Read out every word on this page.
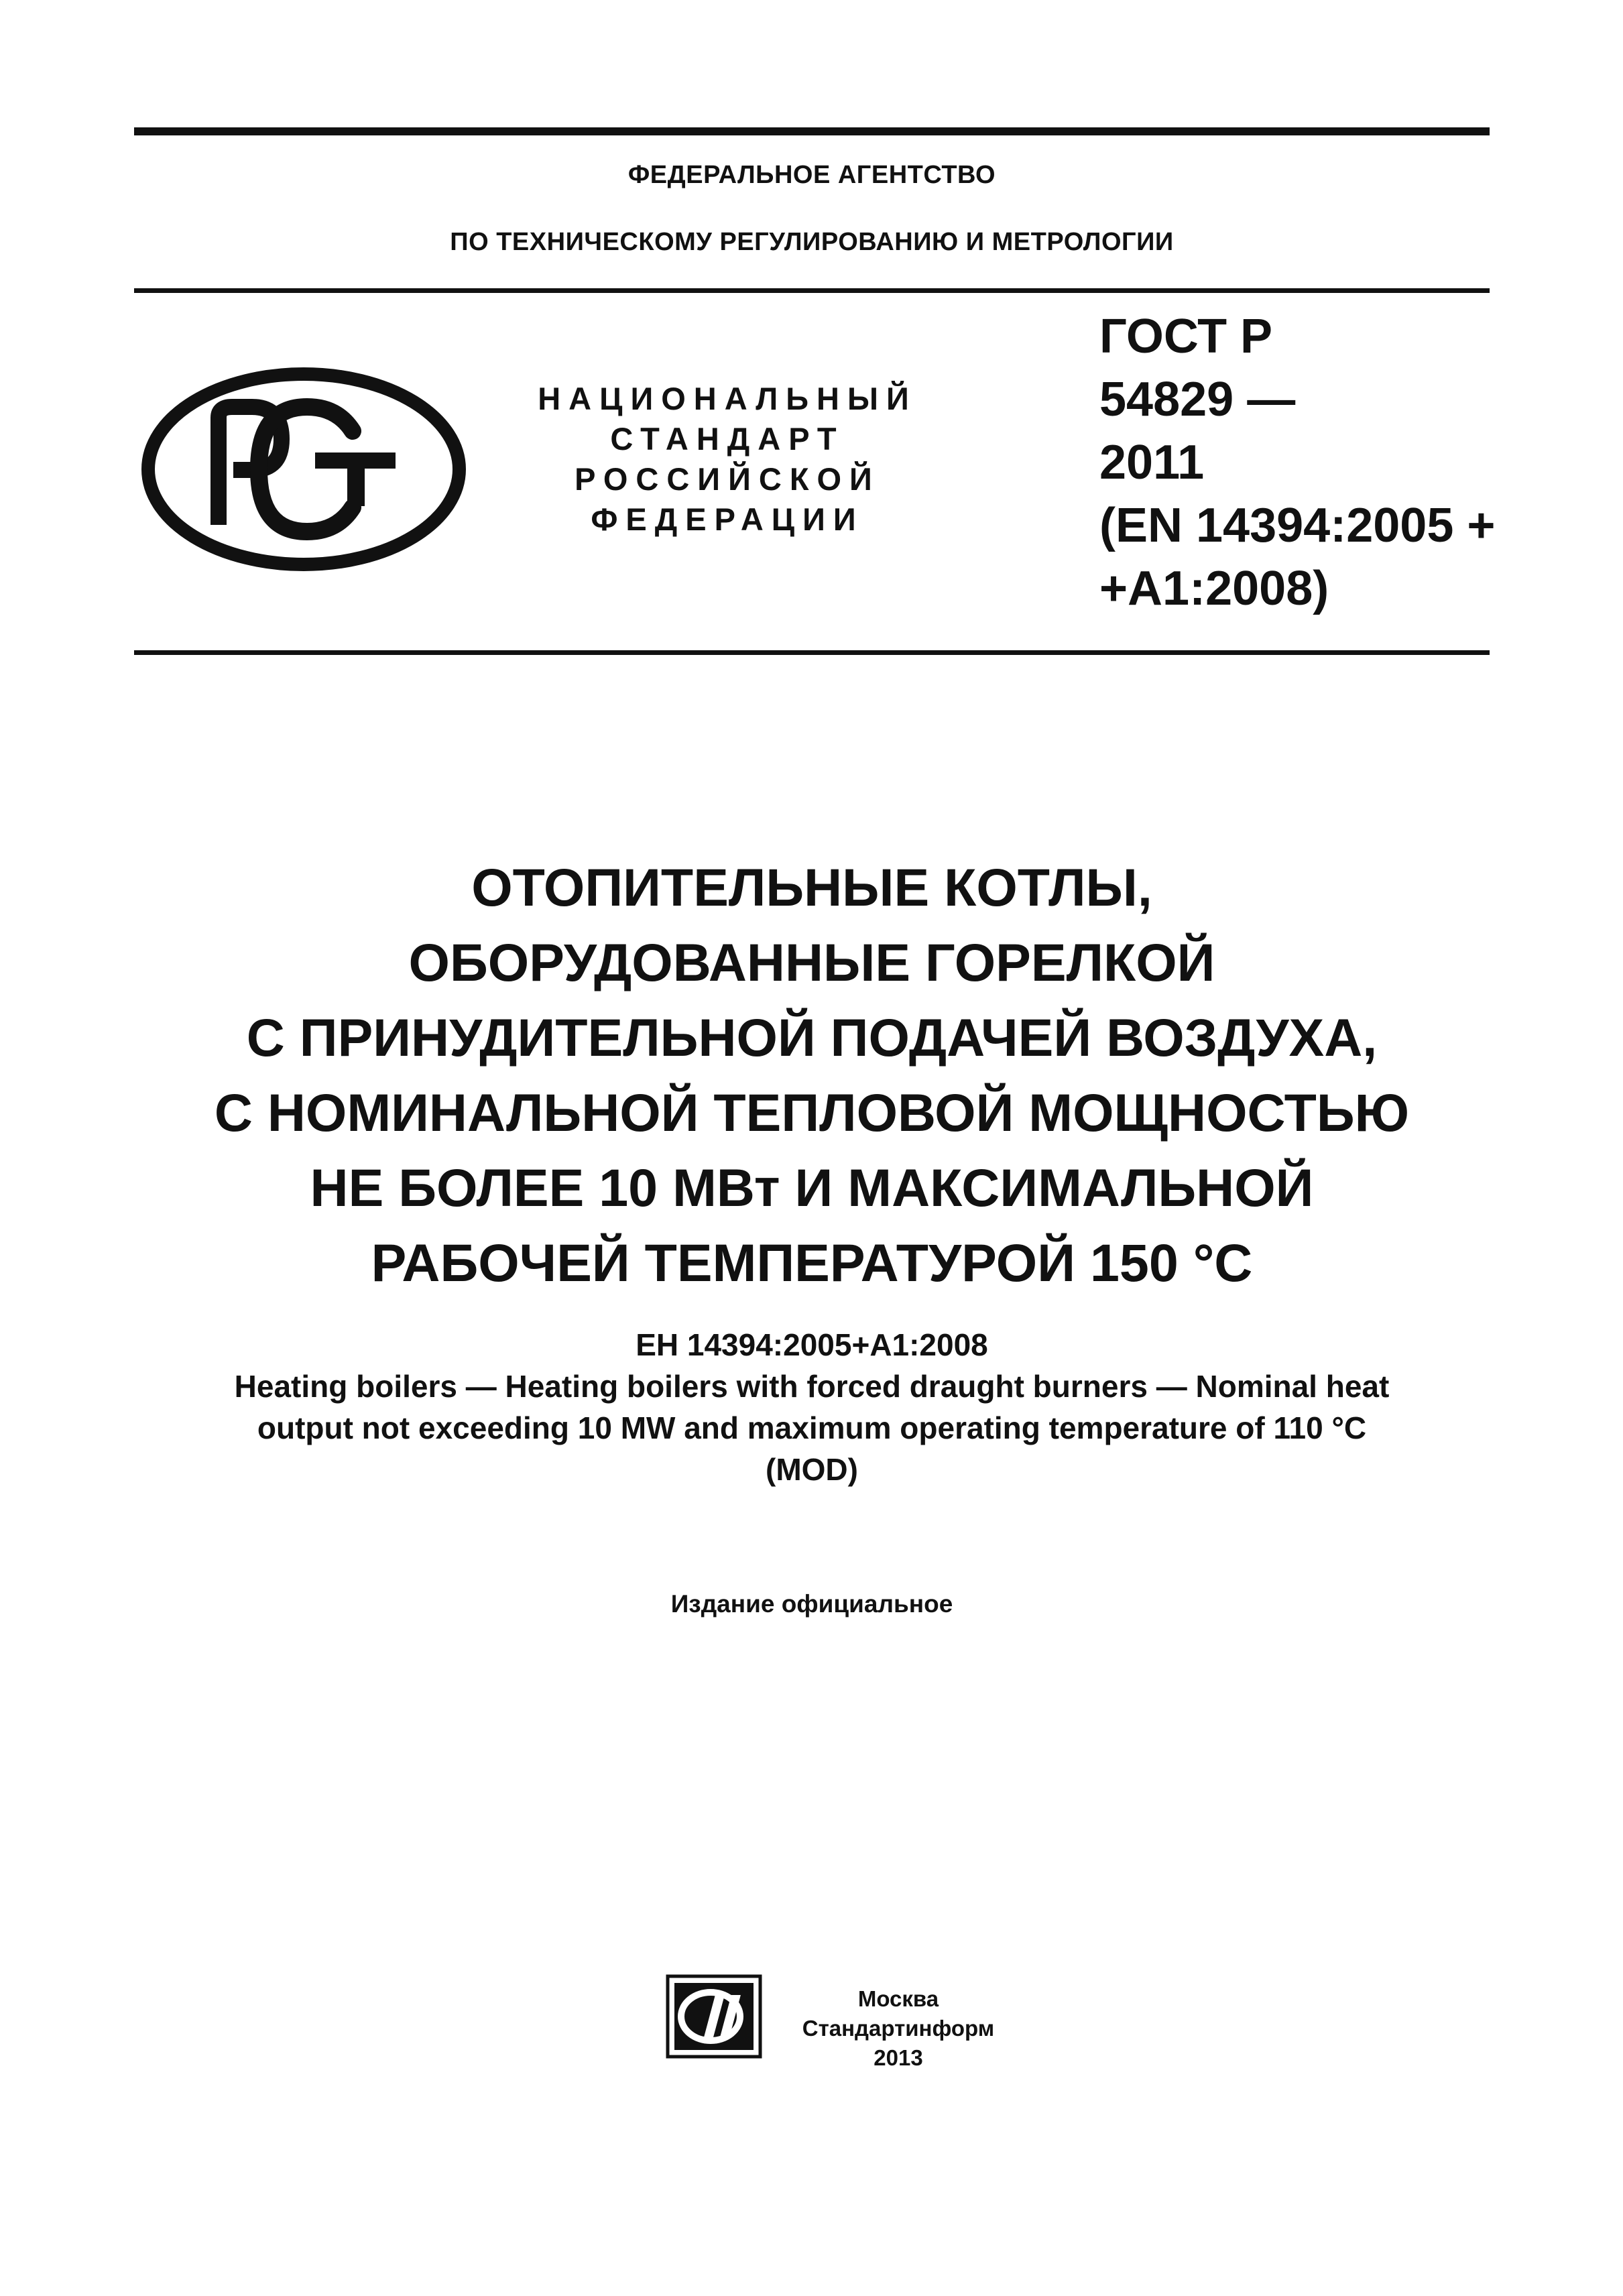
ФЕДЕРАЛЬНОЕ АГЕНТСТВО
ПО ТЕХНИЧЕСКОМУ РЕГУЛИРОВАНИЮ И МЕТРОЛОГИИ
НАЦИОНАЛЬНЫЙ
СТАНДАРТ
РОССИЙСКОЙ
ФЕДЕРАЦИИ
ГОСТ Р
54829 —
2011
(EN 14394:2005 +
+A1:2008)
ОТОПИТЕЛЬНЫЕ КОТЛЫ,
ОБОРУДОВАННЫЕ ГОРЕЛКОЙ
С ПРИНУДИТЕЛЬНОЙ ПОДАЧЕЙ ВОЗДУХА,
С НОМИНАЛЬНОЙ ТЕПЛОВОЙ МОЩНОСТЬЮ
НЕ БОЛЕЕ 10 МВт И МАКСИМАЛЬНОЙ
РАБОЧЕЙ ТЕМПЕРАТУРОЙ 150 °С
ЕН 14394:2005+А1:2008
Heating boilers — Heating boilers with forced draught burners — Nominal heat
output not exceeding 10 MW and maximum operating temperature of 110 °C
(MOD)
Издание официальное
Москва
Стандартинформ
2013
